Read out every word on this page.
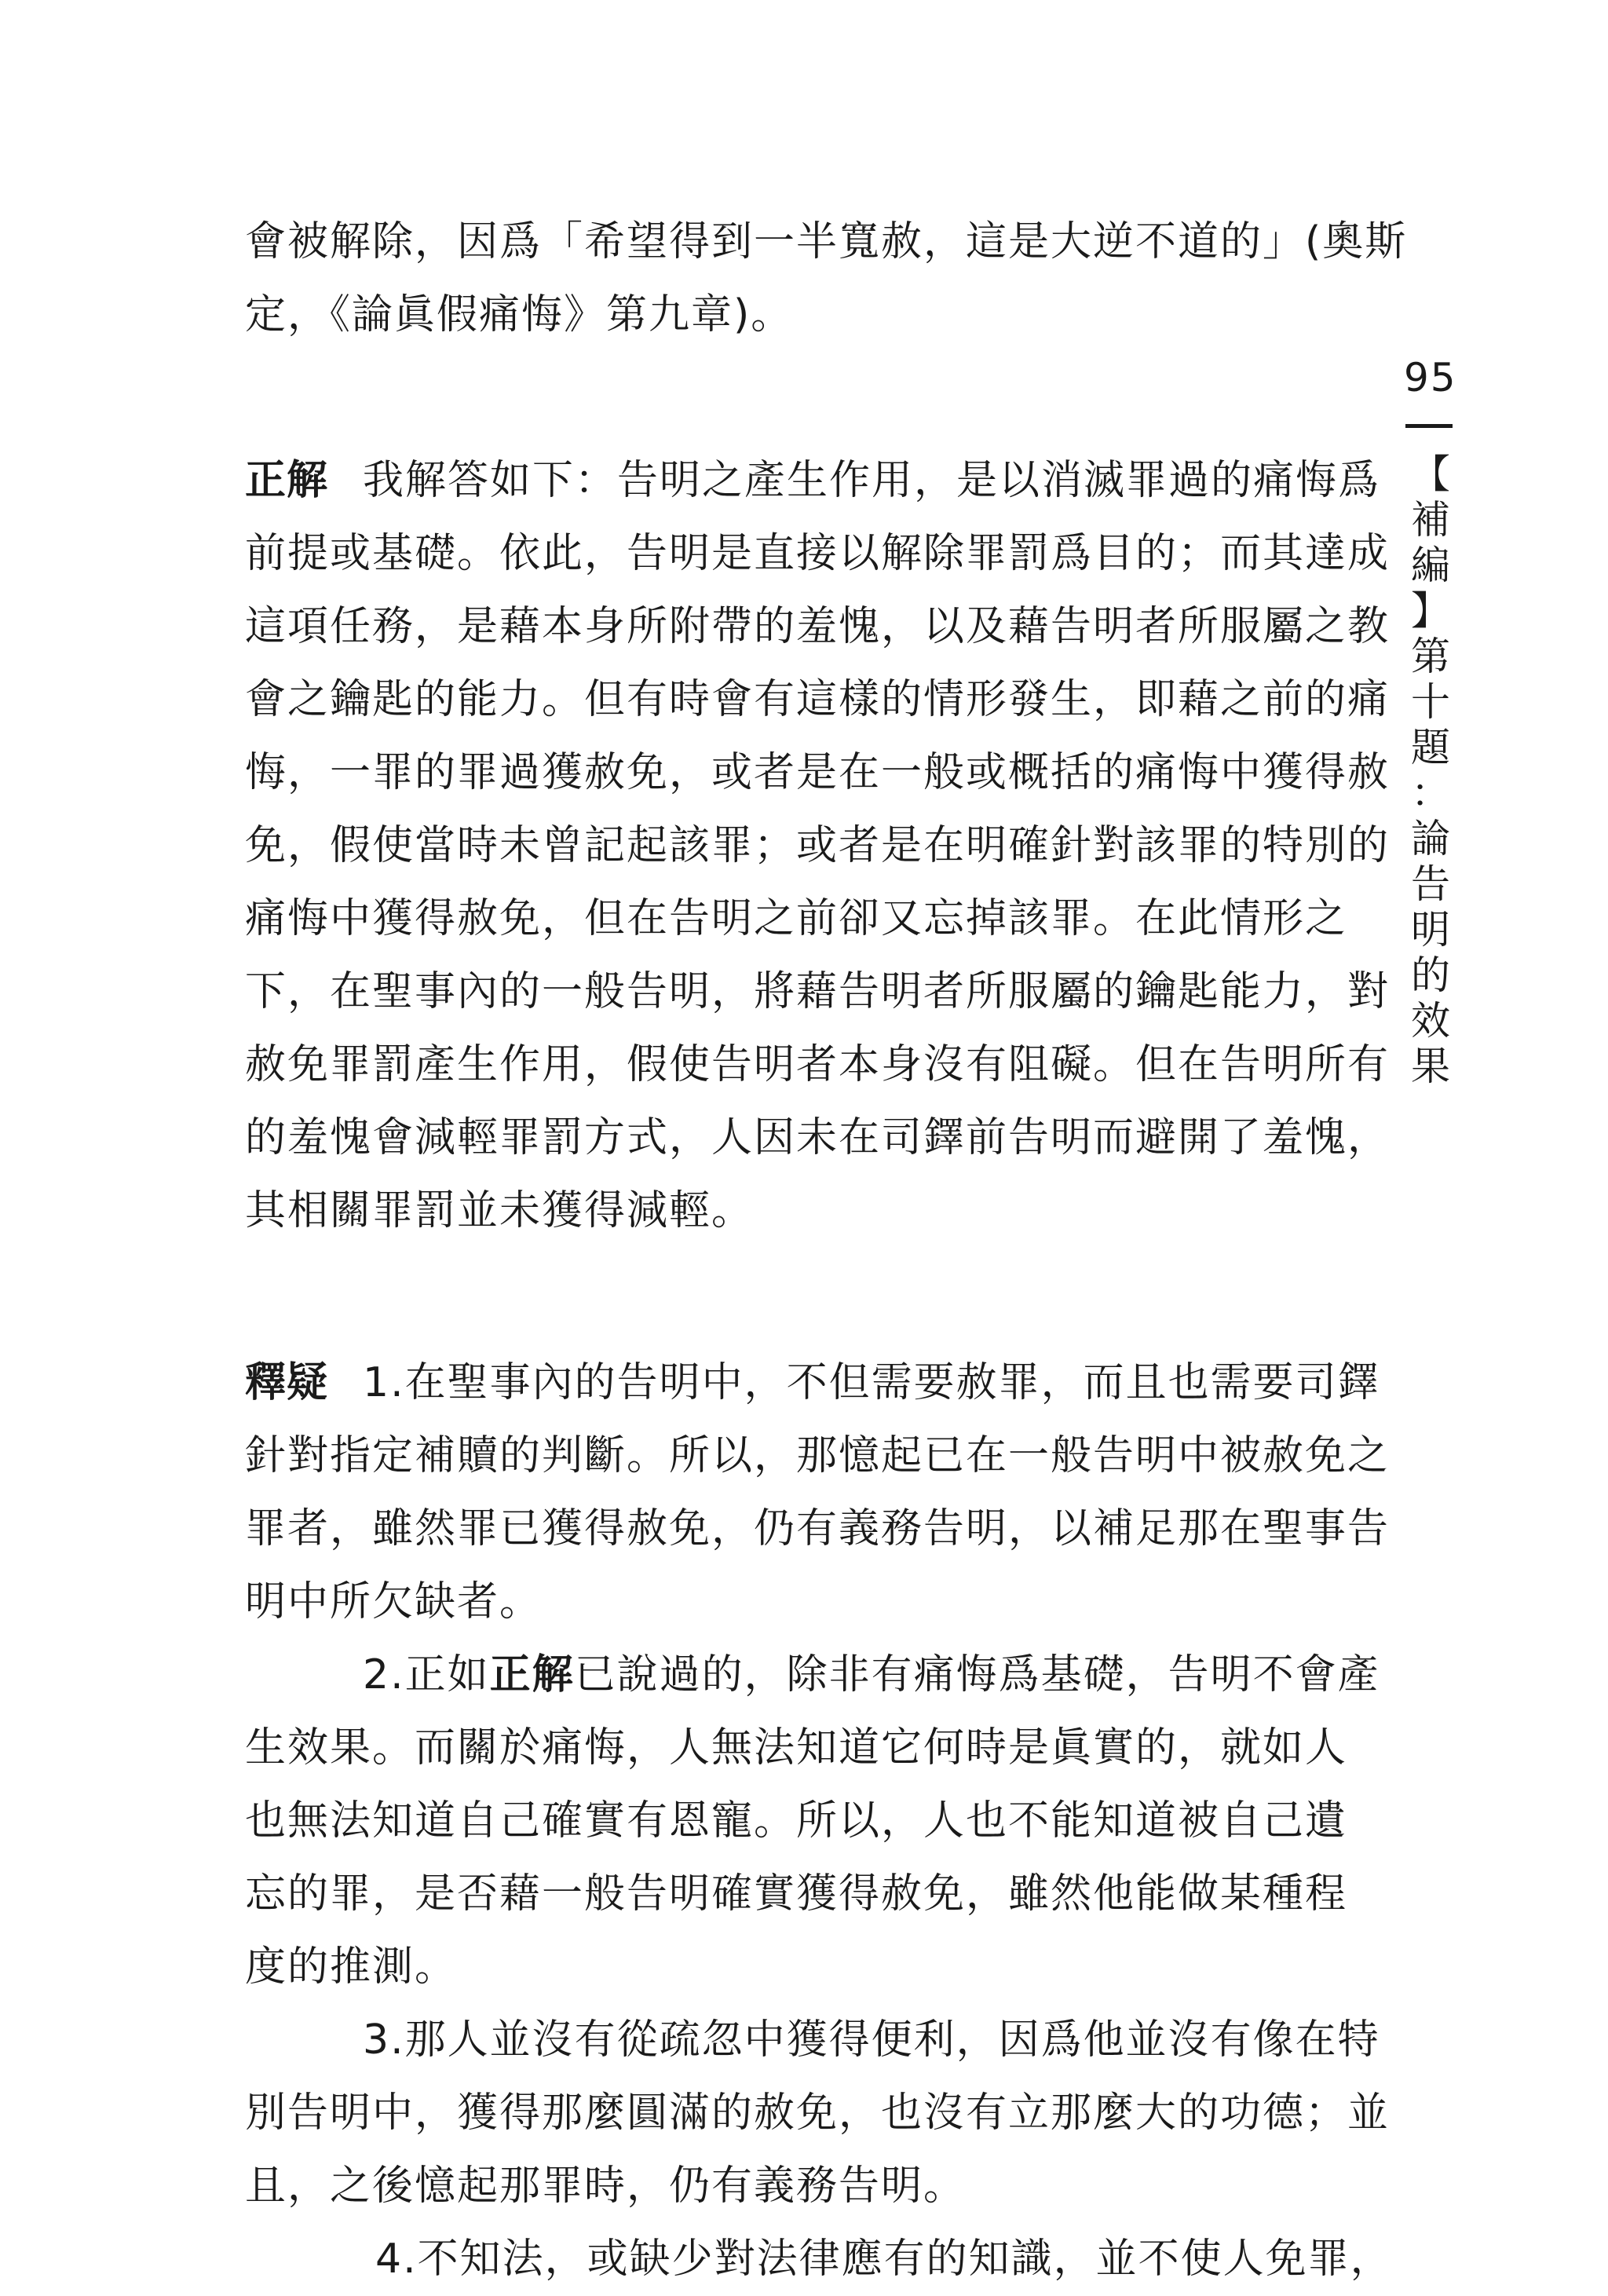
會被解除，因爲「希望得到一半寬赦，這是大逆不道的」(奧斯
定，《論眞假痛悔》第九章)。
正解 我解答如下：告明之產生作用，是以消滅罪過的痛悔爲
前提或基礎。依此，告明是直接以解除罪罰爲目的；而其達成
這項任務，是藉本身所附帶的羞愧，以及藉告明者所服屬之教
會之鑰匙的能力。但有時會有這樣的情形發生，即藉之前的痛
悔，一罪的罪過獲赦免，或者是在一般或概括的痛悔中獲得赦
免，假使當時未曾記起該罪；或者是在明確針對該罪的特別的
痛悔中獲得赦免，但在告明之前卻又忘掉該罪。在此情形之
下，在聖事內的一般告明，將藉告明者所服屬的鑰匙能力，對
赦免罪罰產生作用，假使告明者本身沒有阻礙。但在告明所有
的羞愧會減輕罪罰方式，人因未在司鐸前告明而避開了羞愧，
其相關罪罰並未獲得減輕。
釋疑 1.在聖事內的告明中，不但需要赦罪，而且也需要司鐸
針對指定補贖的判斷。所以，那憶起已在一般告明中被赦免之
罪者，雖然罪已獲得赦免，仍有義務告明，以補足那在聖事告
明中所欠缺者。
2.正如正解已說過的，除非有痛悔爲基礎，告明不會產
生效果。而關於痛悔，人無法知道它何時是眞實的，就如人
也無法知道自己確實有恩寵。所以，人也不能知道被自己遺
忘的罪，是否藉一般告明確實獲得赦免，雖然他能做某種程
度的推測。
3.那人並沒有從疏忽中獲得便利，因爲他並沒有像在特
別告明中，獲得那麼圓滿的赦免，也沒有立那麼大的功德；並
且，之後憶起那罪時，仍有義務告明。
4.不知法，或缺少對法律應有的知識，並不使人免罪，
95
【
補
編
】
第
十
題
：
論
告
明
的
效
果
